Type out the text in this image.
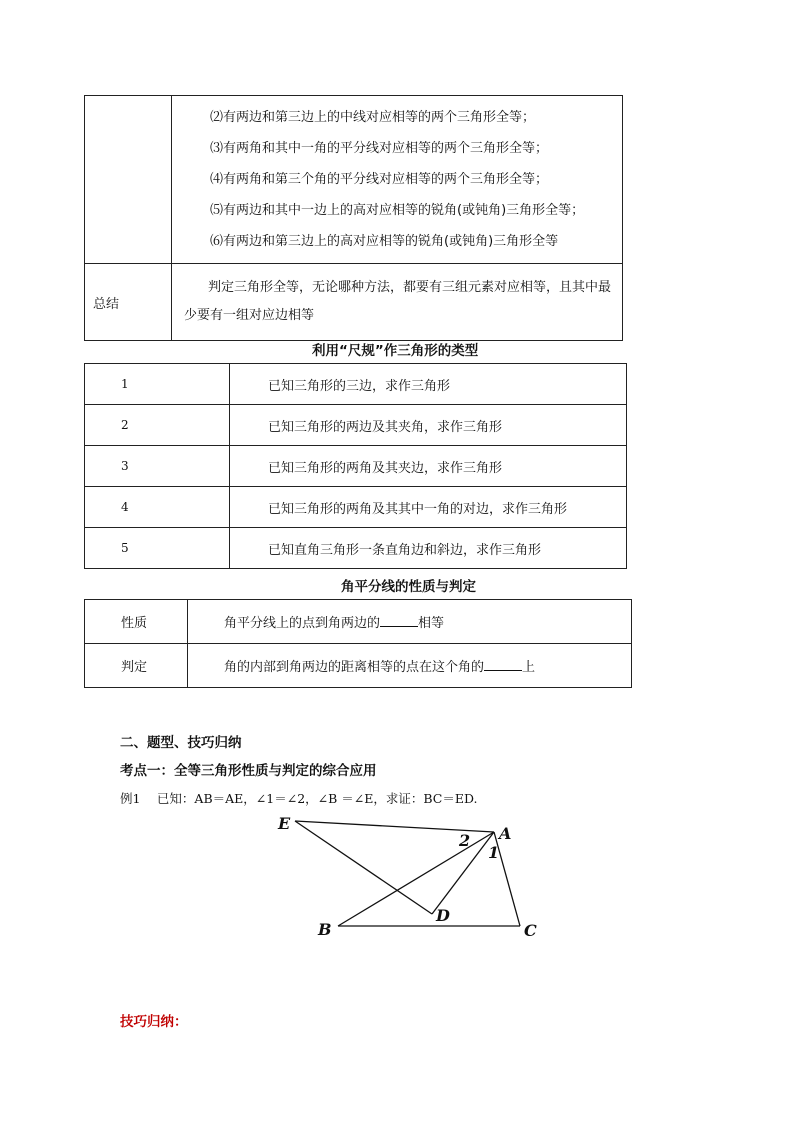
	⑵有两边和第三边上的中线对应相等的两个三角形全等；
⑶有两角和其中一角的平分线对应相等的两个三角形全等；
⑷有两角和第三个角的平分线对应相等的两个三角形全等；
⑸有两边和其中一边上的高对应相等的锐角(或钝角)三角形全等；
⑹有两边和第三边上的高对应相等的锐角(或钝角)三角形全等

总结	判定三角形全等，无论哪种方法，都要有三组元素对应相等，且其中最少要有一组对应边相等
利用“尺规”作三角形的类型
1	已知三角形的三边，求作三角形
2	已知三角形的两边及其夹角，求作三角形
3	已知三角形的两角及其夹边，求作三角形
4	已知三角形的两角及其其中一角的对边，求作三角形
5	已知直角三角形一条直角边和斜边，求作三角形
角平分线的性质与判定
性质	角平分线上的点到角两边的 相等
判定	角的内部到角两边的距离相等的点在这个角的 上
二、题型、技巧归纳
考点一：全等三角形性质与判定的综合应用
例1　 已知：AB＝AE，∠1＝∠2，∠B ＝∠E，求证：BC＝ED.
E
A
B	C
D
2
1
技巧归纳：
